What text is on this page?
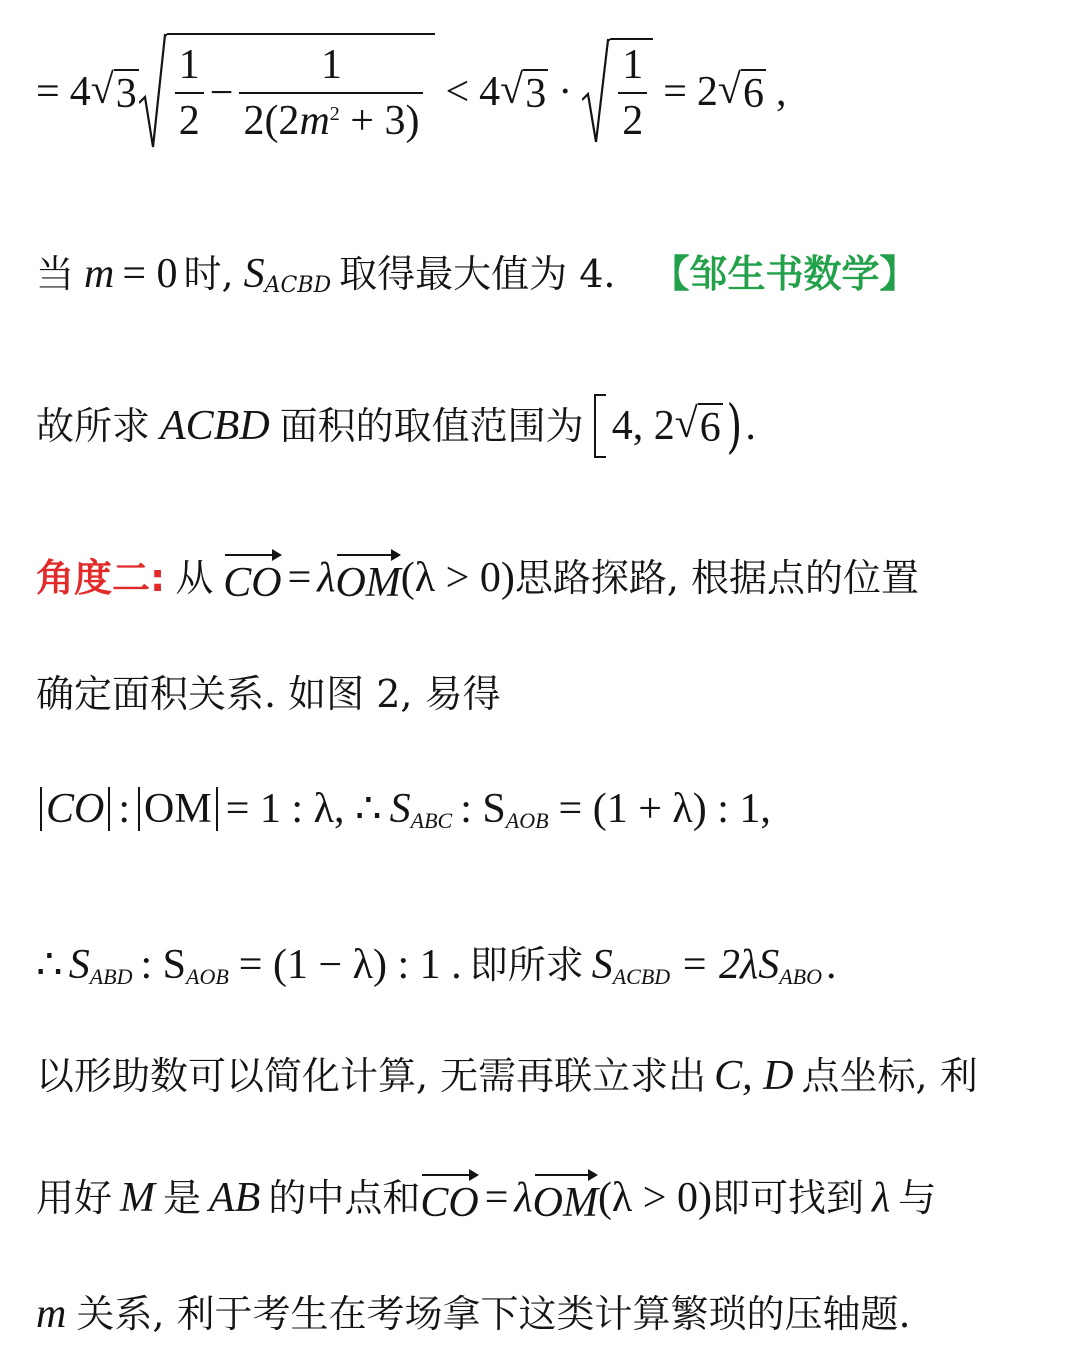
= 4 √ $3 \frac{1}{2} - \frac{1}{2(2m^2 + 3)} < 4$ √ $3 \cdot \frac{1}{2} = 2$ √ 6 ,
当 m = 0 时, S ACBD 取得最大值为 4. 【邹生书数学】
故所求 ACBD 面积的取值范围为 4, 2 √ 6 ) .
角度二: 从 CO = λ OM (λ > 0) 思路探路, 根据点的位置
确定面积关系. 如图 2, 易得
CO : OM = 1 : λ, ∴ S ABC : S AOB = (1 + λ) : 1,
∴ S ABD : S AOB = (1 − λ) : 1 . 即所求 S ACBD = 2λS ABO .
以形助数可以简化计算, 无需再联立求出 C, D 点坐标, 利
用好 M 是 AB 的中点和 CO = λ OM (λ > 0) 即可找到 λ 与
m 关系, 利于考生在考场拿下这类计算繁琐的压轴题.
